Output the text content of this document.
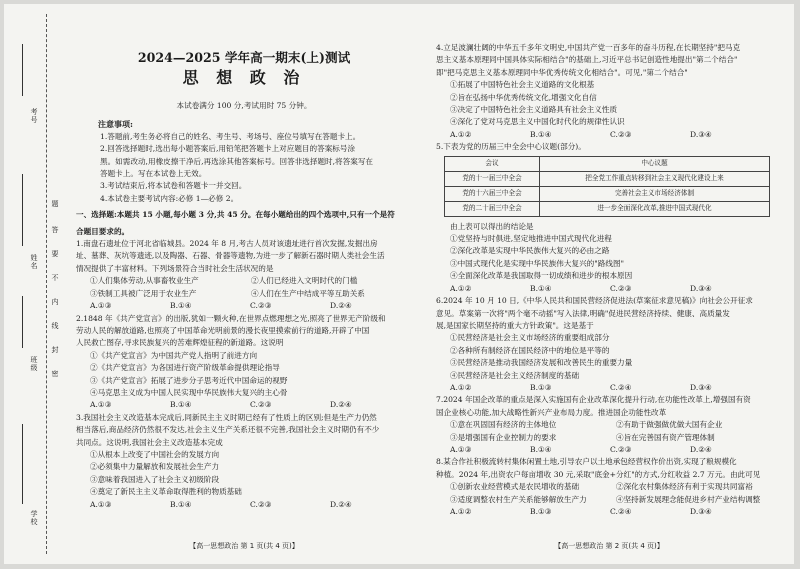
考号
姓名
班级
学校
题
答
要
不
内
线
封
密

2024—2025 学年高一期末(上)测试

思 想 政 治

本试卷满分 100 分,考试用时 75 分钟。

注意事项:

1.答题前,考生务必将自己的姓名、考生号、考场号、座位号填写在答题卡上。

2.回答选择题时,选出每小题答案后,用铅笔把答题卡上对应题目的答案标号涂

黑。如需改动,用橡皮擦干净后,再选涂其他答案标号。回答非选择题时,将答案写在

答题卡上。写在本试卷上无效。

3.考试结束后,将本试卷和答题卡一并交回。

4.本试卷主要考试内容:必修 1—必修 2。

一、选择题:本题共 15 小题,每小题 3 分,共 45 分。在每小题给出的四个选项中,只有一个是符

合题目要求的。

1.南盘石遗址位于河北省临城县。2024 年 8 月,考古人员对该遗址进行首次发掘,发掘出房

址、墓葬、灰坑等遗迹,以及陶器、石器、骨器等遗物,为进一步了解新石器时期人类社会生活

情况提供了丰富材料。下列场景符合当时社会生活状况的是

①人们集体劳动,从事畜牧业生产	②人们已经进入文明时代的门槛
③铁制工具被广泛用于农业生产	④人们在生产中结成平等互助关系
A.①③	B.①④	C.②③	D.②④

2.1848 年《共产党宣言》的出版,犹如一颗火种,在世界点燃理想之光,照亮了世界无产阶级和

劳动人民的解放道路,也照亮了中国革命光明前景的漫长夜里摸索前行的道路,开辟了中国

人民救亡图存,寻求民族复兴的苦难辉煌征程的新道路。这说明

①《共产党宣言》为中国共产党人指明了前进方向

②《共产党宣言》为各国进行资产阶级革命提供理论指导

③《共产党宣言》拓展了进步分子思考近代中国命运的视野

④马克思主义成为中国人民实现中华民族伟大复兴的主心骨

A.①③	B.①④	C.②③	D.②④

3.我国社会主义改造基本完成后,同新民主主义时期已经有了性质上的区别;但是生产力仍然

相当落后,商品经济仍然很不发达,社会主义生产关系还很不完善,我国社会主义时期仍有不少

共同点。这说明,我国社会主义改造基本完成

①从根本上改变了中国社会的发展方向

②必须集中力量解放和发展社会生产力

③意味着我国进入了社会主义初级阶段

④奠定了新民主主义革命取得胜利的物质基础

A.①③	B.①④	C.②③	D.②④
【高一思想政治 第 1 页(共 4 页)】

4.立足波澜壮阔的中华五千多年文明史,中国共产党一百多年的奋斗历程,在长期坚持"把马克

思主义基本原理同中国具体实际相结合"的基础上,习近平总书记创造性地提出"第二个结合"

即"把马克思主义基本原理同中华优秀传统文化相结合"。可见,"第二个结合"

①拓展了中国特色社会主义道路的文化根基

②旨在弘扬中华优秀传统文化,增强文化自信

③决定了中国特色社会主义道路具有社会主义性质

④深化了党对马克思主义中国化时代化的规律性认识

A.①②	B.①④	C.②③	D.③④

5.下表为党的历届三中全会中心议题(部分)。

会议	中心议题
党的十一届三中全会	把全党工作重点转移到社会主义现代化建设上来
党的十六届三中全会	完善社会主义市场经济体制
党的二十届三中全会	进一步全面深化改革,推进中国式现代化

由上表可以得出的结论是

①党坚持与时俱进,坚定地推进中国式现代化进程

②深化改革是实现中华民族伟大复兴的必由之路

③中国式现代化是实现中华民族伟大复兴的"路线图"

④全面深化改革是我国取得一切成绩和进步的根本原因

A.①②	B.①④	C.②③	D.③④

6.2024 年 10 月 10 日,《中华人民共和国民营经济促进法(草案征求意见稿)》向社会公开征求

意见。草案第一次将"两个毫不动摇"写入法律,明确"促进民营经济持续、健康、高质量发

展,是国家长期坚持的重大方针政策"。这是基于

①民营经济是社会主义市场经济的重要组成部分

②各种所有制经济在国民经济中的地位是平等的

③民营经济是推动我国经济发展和改善民生的重要力量

④民营经济是社会主义经济制度的基础

A.①②	B.①③	C.②④	D.③④

7.2024 年国企改革的重点是深入实施国有企业改革深化提升行动,在功能性改革上,增强国有资

国企业核心功能,加大战略性新兴产业布局力度。推进国企功能性改革

①意在巩固国有经济的主体地位	②有助于做强做优做大国有企业
③是增强国有企业控制力的要求	④旨在完善国有资产管理体制
A.①③	B.①④	C.②③	D.②④

8.某合作社积极流转村集体闲置土地,引导农户以土地承包经营权作价出资,实现了粮规模化

种植。2024 年,出资农户每亩增收 30 元,采取"底金+分红"的方式,分红收益 2.7 万元。由此可见

①创新农业经营模式是农民增收的基础	②深化农村集体经济有利于实现共同富裕
③适度调整农村生产关系能够解放生产力	④坚持新发展理念能促进乡村产业结构调整
A.①②	B.①③	C.②④	D.③④
【高一思想政治 第 2 页(共 4 页)】
